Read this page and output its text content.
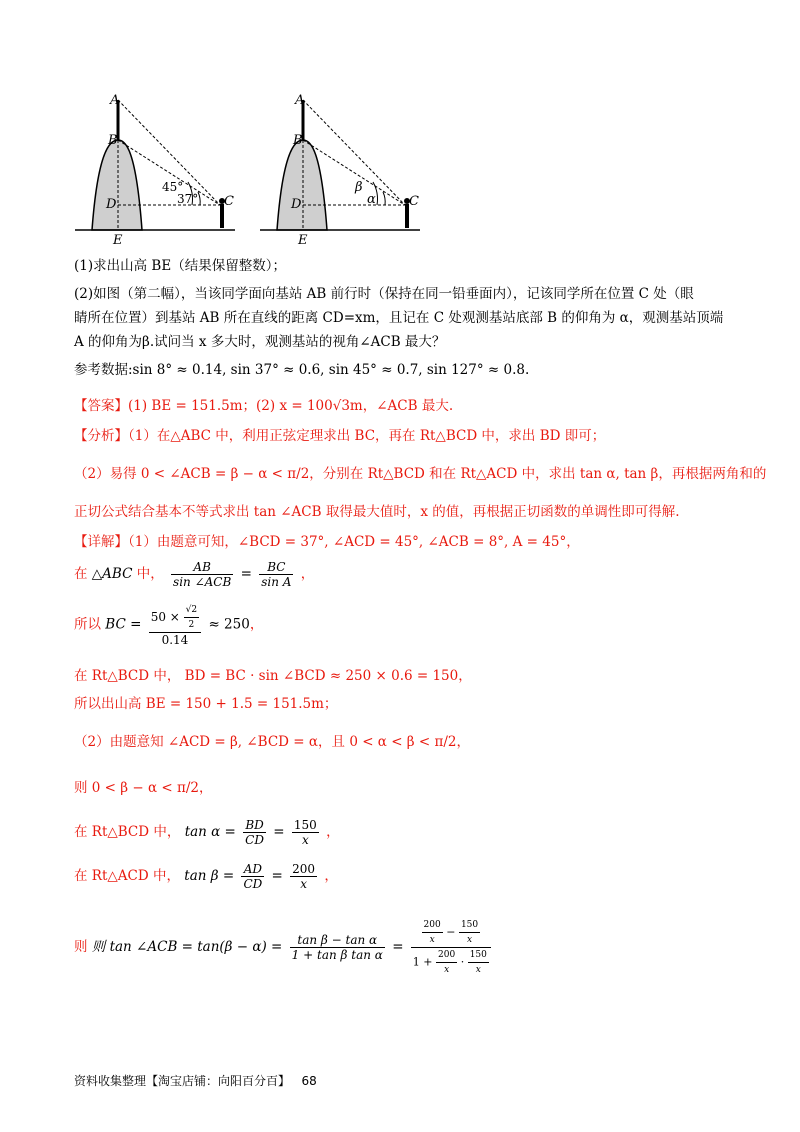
A
B
C
D
E
45°
37°
A
B
C
D
E
β
α
(1)求出山高 BE（结果保留整数）；
(2)如图（第二幅），当该同学面向基站 AB 前行时（保持在同一铅垂面内），记该同学所在位置 C 处（眼
睛所在位置）到基站 AB 所在直线的距离 CD=xm，且记在 C 处观测基站底部 B 的仰角为 α，观测基站顶端
A 的仰角为β.试问当 x 多大时，观测基站的视角∠ACB 最大？
参考数据:sin 8° ≈ 0.14, sin 37° ≈ 0.6, sin 45° ≈ 0.7, sin 127° ≈ 0.8.
【答案】(1) BE = 151.5m；(2) x = 100√3m，∠ACB 最大.
【分析】（1）在△ABC 中，利用正弦定理求出 BC，再在 Rt△BCD 中，求出 BD 即可；
（2）易得 0 < ∠ACB = β − α < π/2，分别在 Rt△BCD 和在 Rt△ACD 中，求出 tan α, tan β，再根据两角和的
正切公式结合基本不等式求出 tan ∠ACB 取得最大值时，x 的值，再根据正切函数的单调性即可得解.
【详解】（1）由题意可知，∠BCD = 37°, ∠ACD = 45°, ∠ACB = 8°, A = 45°，
在 △ABC 中， $\frac{AB}{\text{sin ∠ACB}} = \frac{BC}{\text{sin A}}$ ，
所以 BC = $\frac{50 \times \frac{√2}{2}}{0.14} \approx 250$，
在 Rt△BCD 中， BD = BC · sin ∠BCD ≈ 250 × 0.6 = 150，
所以出山高 BE = 150 + 1.5 = 151.5m；
（2）由题意知 ∠ACD = β, ∠BCD = α，且 0 < α < β < π/2，
则 0 < β − α < π/2，
在 Rt△BCD 中， $\tan \alpha = \frac{BD}{CD} = \frac{150}{x}$ ，
在 Rt△ACD 中， $\tan \beta = \frac{AD}{CD} = \frac{200}{x}$ ，
则 则 tan ∠ACB = $\tan(\beta - \alpha) = \frac{\text{tan β − tan α}}{\text{1 + tan β tan α}} = \frac{\frac{200}{x} - \frac{150}{x}}{1 + \frac{200}{x} \cdot \frac{150}{x}}$
资料收集整理【淘宝店铺：向阳百分百】 68
